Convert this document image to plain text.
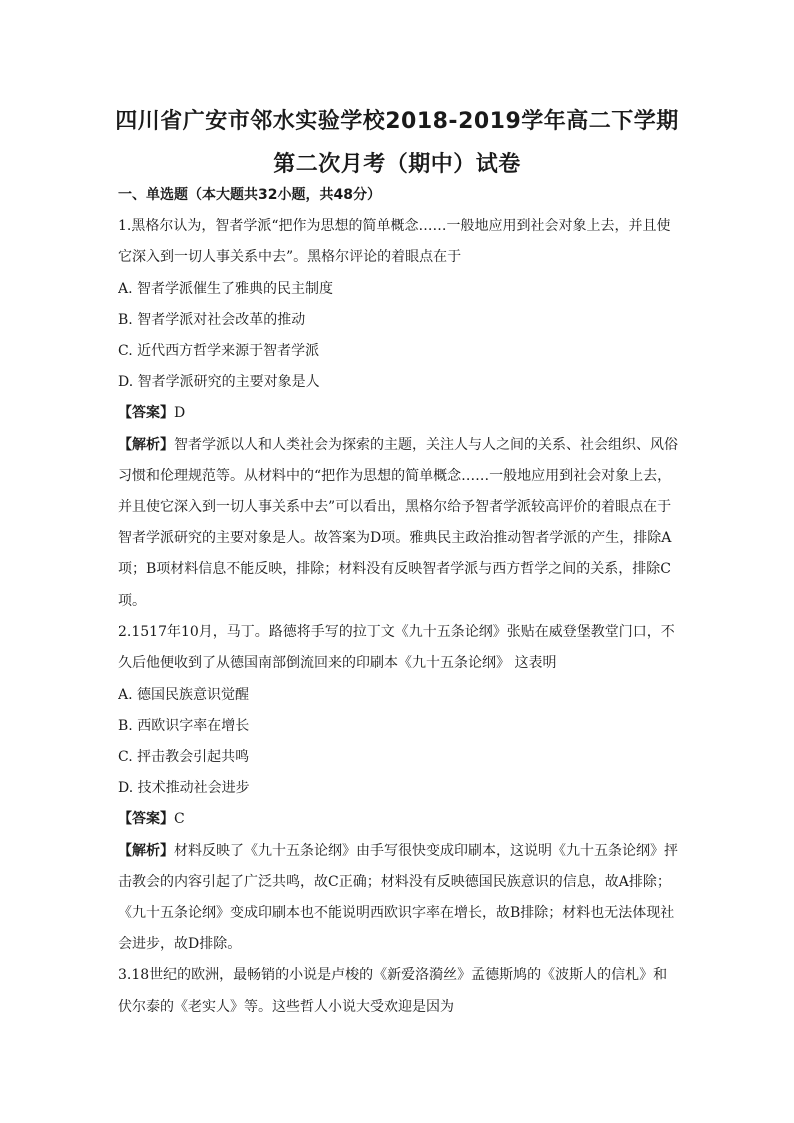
四川省广安市邻水实验学校2018-2019学年高二下学期
第二次月考（期中）试卷
一、单选题（本大题共32小题，共48分）
1.黑格尔认为，智者学派“把作为思想的简单概念……一般地应用到社会对象上去，并且使
它深入到一切人事关系中去”。黑格尔评论的着眼点在于
A. 智者学派催生了雅典的民主制度
B. 智者学派对社会改革的推动
C. 近代西方哲学来源于智者学派
D. 智者学派研究的主要对象是人
【答案】D
【解析】智者学派以人和人类社会为探索的主题，关注人与人之间的关系、社会组织、风俗
习惯和伦理规范等。从材料中的“把作为思想的简单概念……一般地应用到社会对象上去，
并且使它深入到一切人事关系中去”可以看出，黑格尔给予智者学派较高评价的着眼点在于
智者学派研究的主要对象是人。故答案为D项。雅典民主政治推动智者学派的产生，排除A
项；B项材料信息不能反映，排除；材料没有反映智者学派与西方哲学之间的关系，排除C
项。
2.1517年10月，马丁。路德将手写的拉丁文《九十五条论纲》张贴在威登堡教堂门口，不
久后他便收到了从德国南部倒流回来的印刷本《九十五条论纲》 这表明
A. 德国民族意识觉醒
B. 西欧识字率在增长
C. 抨击教会引起共鸣
D. 技术推动社会进步
【答案】C
【解析】材料反映了《九十五条论纲》由手写很快变成印刷本，这说明《九十五条论纲》抨
击教会的内容引起了广泛共鸣，故C正确；材料没有反映德国民族意识的信息，故A排除；
《九十五条论纲》变成印刷本也不能说明西欧识字率在增长，故B排除；材料也无法体现社
会进步，故D排除。
3.18世纪的欧洲，最畅销的小说是卢梭的《新爱洛漪丝》孟德斯鸠的《波斯人的信札》和
伏尔泰的《老实人》等。这些哲人小说大受欢迎是因为
